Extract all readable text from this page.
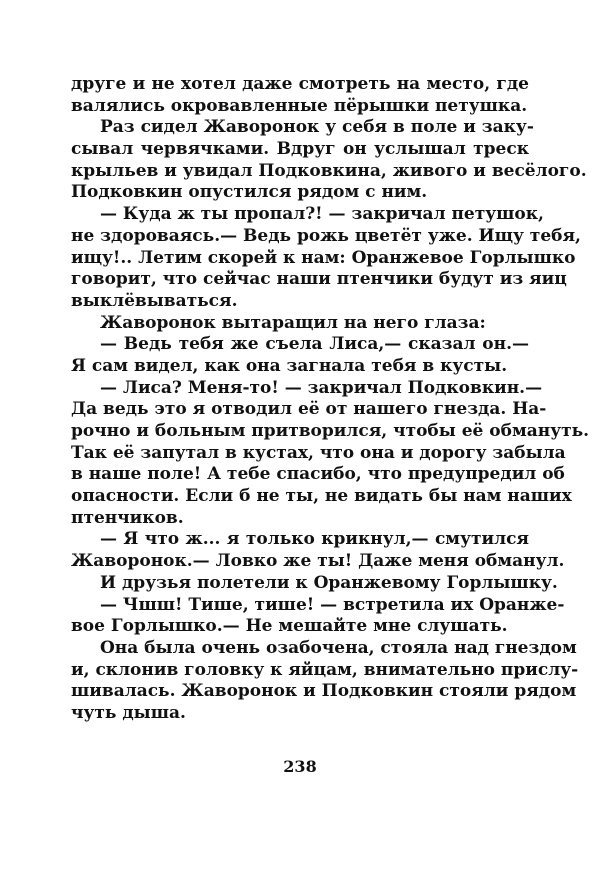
друге и не хотел даже смотреть на место, где
валялись окровавленные пёрышки петушка.
Раз сидел Жаворонок у себя в поле и заку-
сывал червячками. Вдруг он услышал треск
крыльев и увидал Подковкина, живого и весёлого.
Подковкин опустился рядом с ним.
— Куда ж ты пропал?! — закричал петушок,
не здороваясь.— Ведь рожь цветёт уже. Ищу тебя,
ищу!.. Летим скорей к нам: Оранжевое Горлышко
говорит, что сейчас наши птенчики будут из яиц
выклёвываться.
Жаворонок вытаращил на него глаза:
— Ведь тебя же съела Лиса,— сказал он.—
Я сам видел, как она загнала тебя в кусты.
— Лиса? Меня-то! — закричал Подковкин.—
Да ведь это я отводил её от нашего гнезда. На-
рочно и больным притворился, чтобы её обмануть.
Так её запутал в кустах, что она и дорогу забыла
в наше поле! А тебе спасибо, что предупредил об
опасности. Если б не ты, не видать бы нам наших
птенчиков.
— Я что ж... я только крикнул,— смутился
Жаворонок.— Ловко же ты! Даже меня обманул.
И друзья полетели к Оранжевому Горлышку.
— Чшш! Тише, тише! — встретила их Оранже-
вое Горлышко.— Не мешайте мне слушать.
Она была очень озабочена, стояла над гнездом
и, склонив головку к яйцам, внимательно прислу-
шивалась. Жаворонок и Подковкин стояли рядом
чуть дыша.
238
